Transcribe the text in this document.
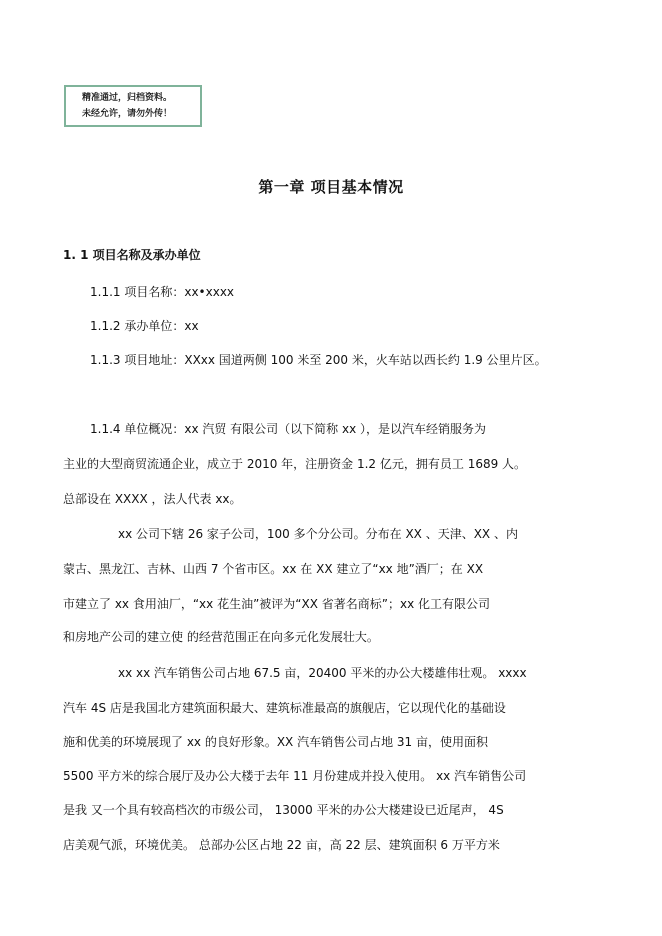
精准通过，归档资料。
未经允许，请勿外传！
第一章 项目基本情况
1. 1 项目名称及承办单位
1.1.1 项目名称：xx•xxxx
1.1.2 承办单位：xx
1.1.3 项目地址：XXxx 国道两侧 100 米至 200 米，火车站以西长约 1.9 公里片区。
1.1.4 单位概况：xx 汽贸 有限公司（以下简称 xx ），是以汽车经销服务为
主业的大型商贸流通企业，成立于 2010 年，注册资金 1.2 亿元，拥有员工 1689 人。
总部设在 XXXX ，法人代表 xx。
xx 公司下辖 26 家子公司，100 多个分公司。分布在 XX 、天津、XX 、内
蒙古、黑龙江、吉林、山西 7 个省市区。xx 在 XX 建立了“xx 地”酒厂；在 XX
市建立了 xx 食用油厂，“xx 花生油”被评为“XX 省著名商标”；xx 化工有限公司
和房地产公司的建立使 的经营范围正在向多元化发展壮大。
xx xx 汽车销售公司占地 67.5 亩，20400 平米的办公大楼雄伟壮观。 xxxx
汽车 4S 店是我国北方建筑面积最大、建筑标准最高的旗舰店，它以现代化的基础设
施和优美的环境展现了 xx 的良好形象。XX 汽车销售公司占地 31 亩，使用面积
5500 平方米的综合展厅及办公大楼于去年 11 月份建成并投入使用。 xx 汽车销售公司
是我 又一个具有较高档次的市级公司， 13000 平米的办公大楼建设已近尾声， 4S
店美观气派，环境优美。 总部办公区占地 22 亩，高 22 层、建筑面积 6 万平方米
